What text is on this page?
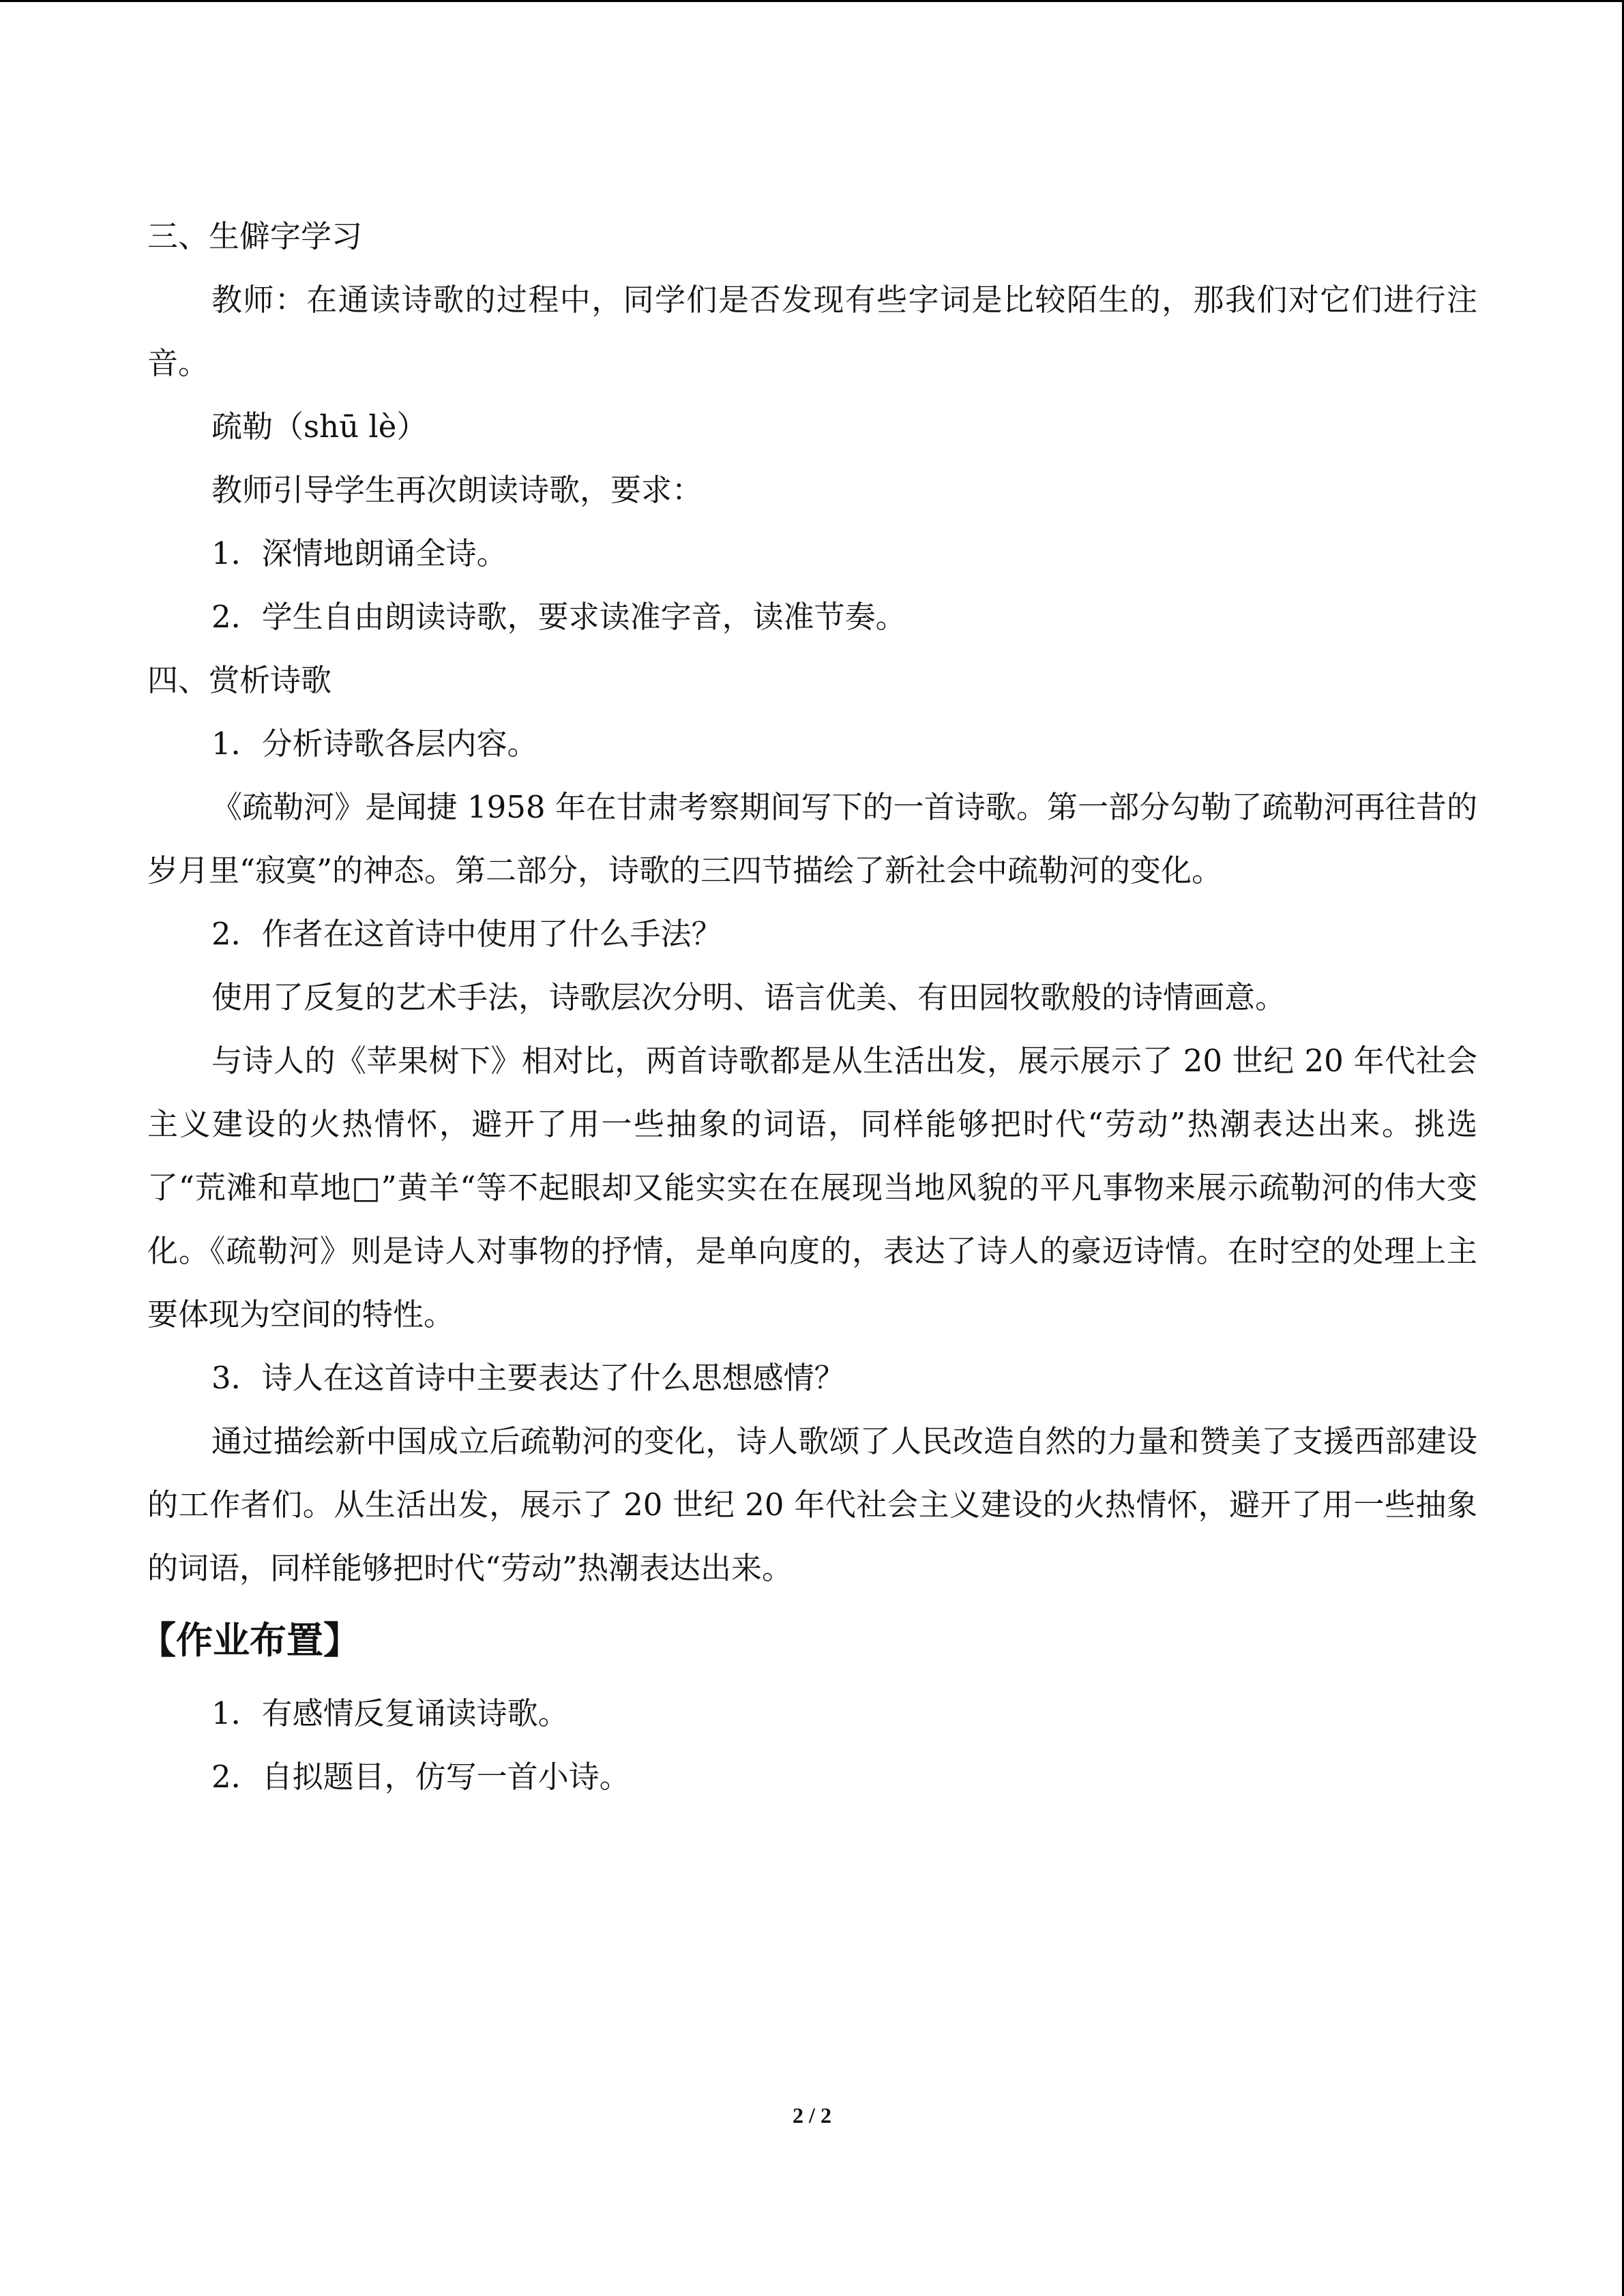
三、生僻字学习

教师：在通读诗歌的过程中，同学们是否发现有些字词是比较陌生的，那我们对它们进行注音。

疏勒（shū lè）

教师引导学生再次朗读诗歌，要求：

1．深情地朗诵全诗。

2．学生自由朗读诗歌，要求读准字音，读准节奏。

四、赏析诗歌

1．分析诗歌各层内容。

《疏勒河》是闻捷 1958 年在甘肃考察期间写下的一首诗歌。第一部分勾勒了疏勒河再往昔的岁月里“寂寞”的神态。第二部分，诗歌的三四节描绘了新社会中疏勒河的变化。

2．作者在这首诗中使用了什么手法？

使用了反复的艺术手法，诗歌层次分明、语言优美、有田园牧歌般的诗情画意。

与诗人的《苹果树下》相对比，两首诗歌都是从生活出发，展示展示了 20 世纪 20 年代社会主义建设的火热情怀，避开了用一些抽象的词语，同样能够把时代“劳动”热潮表达出来。挑选了“荒滩和草地□”黄羊“等不起眼却又能实实在在展现当地风貌的平凡事物来展示疏勒河的伟大变化。《疏勒河》则是诗人对事物的抒情，是单向度的，表达了诗人的豪迈诗情。在时空的处理上主要体现为空间的特性。

3．诗人在这首诗中主要表达了什么思想感情？

通过描绘新中国成立后疏勒河的变化，诗人歌颂了人民改造自然的力量和赞美了支援西部建设的工作者们。从生活出发，展示了 20 世纪 20 年代社会主义建设的火热情怀，避开了用一些抽象的词语，同样能够把时代“劳动”热潮表达出来。

【作业布置】

1．有感情反复诵读诗歌。

2．自拟题目，仿写一首小诗。

2 / 2
